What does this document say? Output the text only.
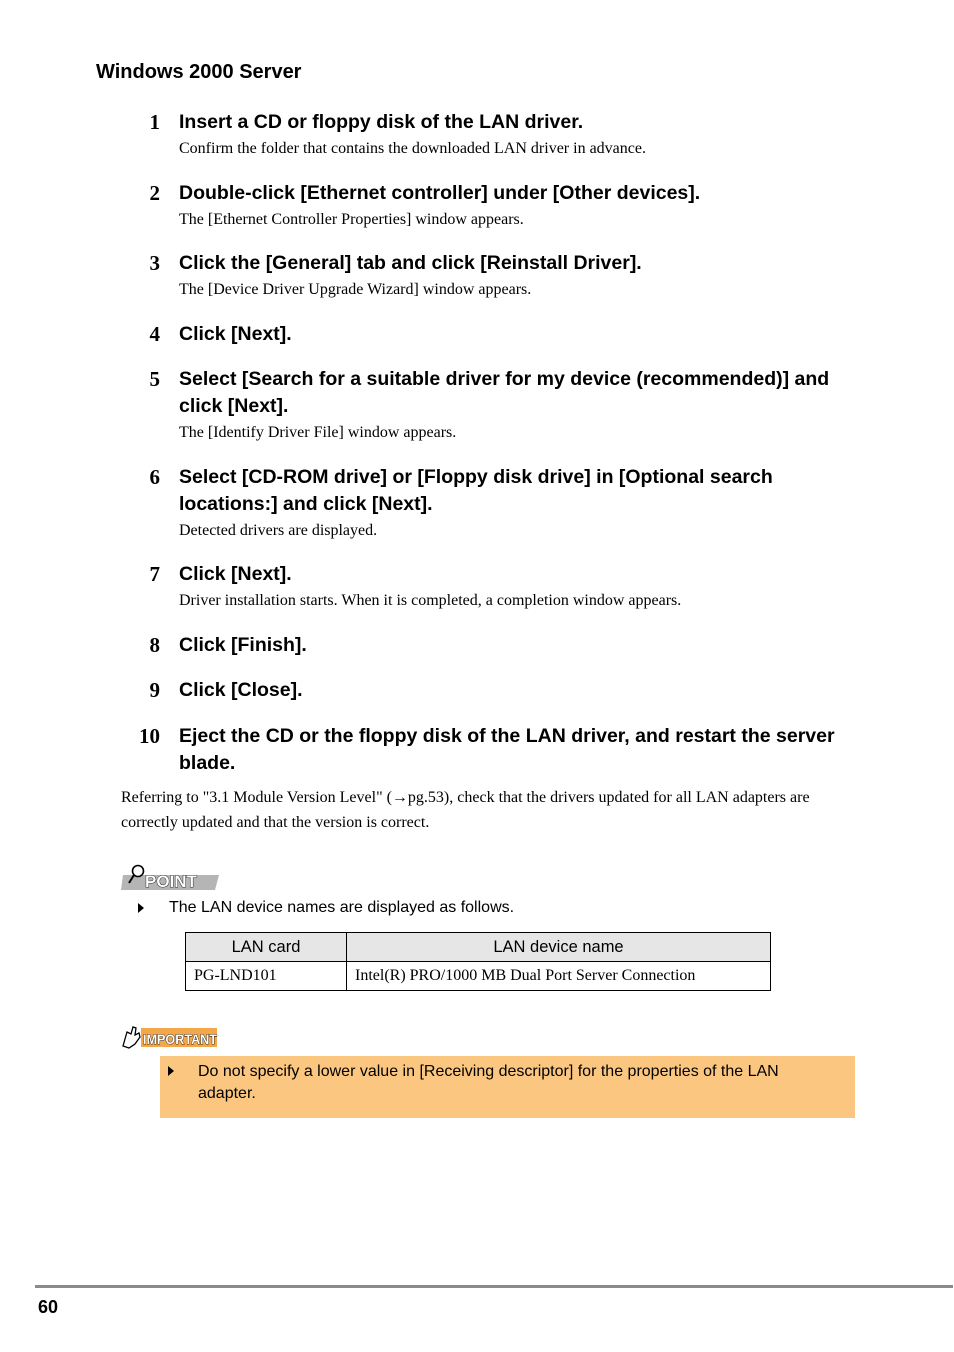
Windows 2000 Server
1 Insert a CD or floppy disk of the LAN driver.

Confirm the folder that contains the downloaded LAN driver in advance.

2 Double-click [Ethernet controller] under [Other devices].

The [Ethernet Controller Properties] window appears.

3 Click the [General] tab and click [Reinstall Driver].

The [Device Driver Upgrade Wizard] window appears.

4 Click [Next].

5 Select [Search for a suitable driver for my device (recommended)] and click [Next].

The [Identify Driver File] window appears.

6 Select [CD-ROM drive] or [Floppy disk drive] in [Optional search locations:] and click [Next].

Detected drivers are displayed.

7 Click [Next].

Driver installation starts. When it is completed, a completion window appears.

8 Click [Finish].

9 Click [Close].

10 Eject the CD or the floppy disk of the LAN driver, and restart the server blade.

Referring to "3.1 Module Version Level" (→pg.53), check that the drivers updated for all LAN adapters are correctly updated and that the version is correct.

POINT
The LAN device names are displayed as follows.
LAN card	LAN device name
PG-LND101	Intel(R) PRO/1000 MB Dual Port Server Connection
IMPORTANT

Do not specify a lower value in [Receiving descriptor] for the properties of the LAN adapter.

60
